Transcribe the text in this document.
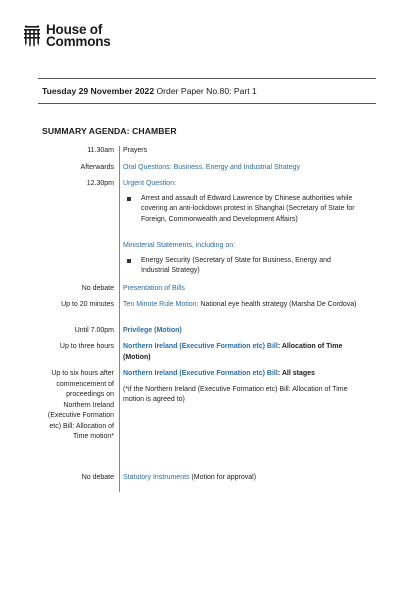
House of
Commons
Tuesday 29 November 2022 Order Paper No.80: Part 1
SUMMARY AGENDA: CHAMBER
11.30am Prayers
Afterwards Oral Questions: Business, Energy and Industrial Strategy
12.30pm Urgent Question:
Arrest and assault of Edward Lawrence by Chinese authorities while covering an anti-lockdown protest in Shanghai (Secretary of State for Foreign, Commonwealth and Development Affairs)
Ministerial Statements, including on:
Energy Security (Secretary of State for Business, Energy and Industrial Strategy)
No debate Presentation of Bills
Up to 20 minutes Ten Minute Rule Motion: National eye health strategy (Marsha De Cordova)
Until 7.00pm Privilege (Motion)
Up to three hours Northern Ireland (Executive Formation etc) Bill: Allocation of Time (Motion)
Up to six hours after commencement of proceedings on Northern Ireland (Executive Formation etc) Bill: Allocation of Time motion*
Northern Ireland (Executive Formation etc) Bill: All stages
(*if the Northern Ireland (Executive Formation etc) Bill: Allocation of Time motion is agreed to)
No debate Statutory Instruments (Motion for approval)
